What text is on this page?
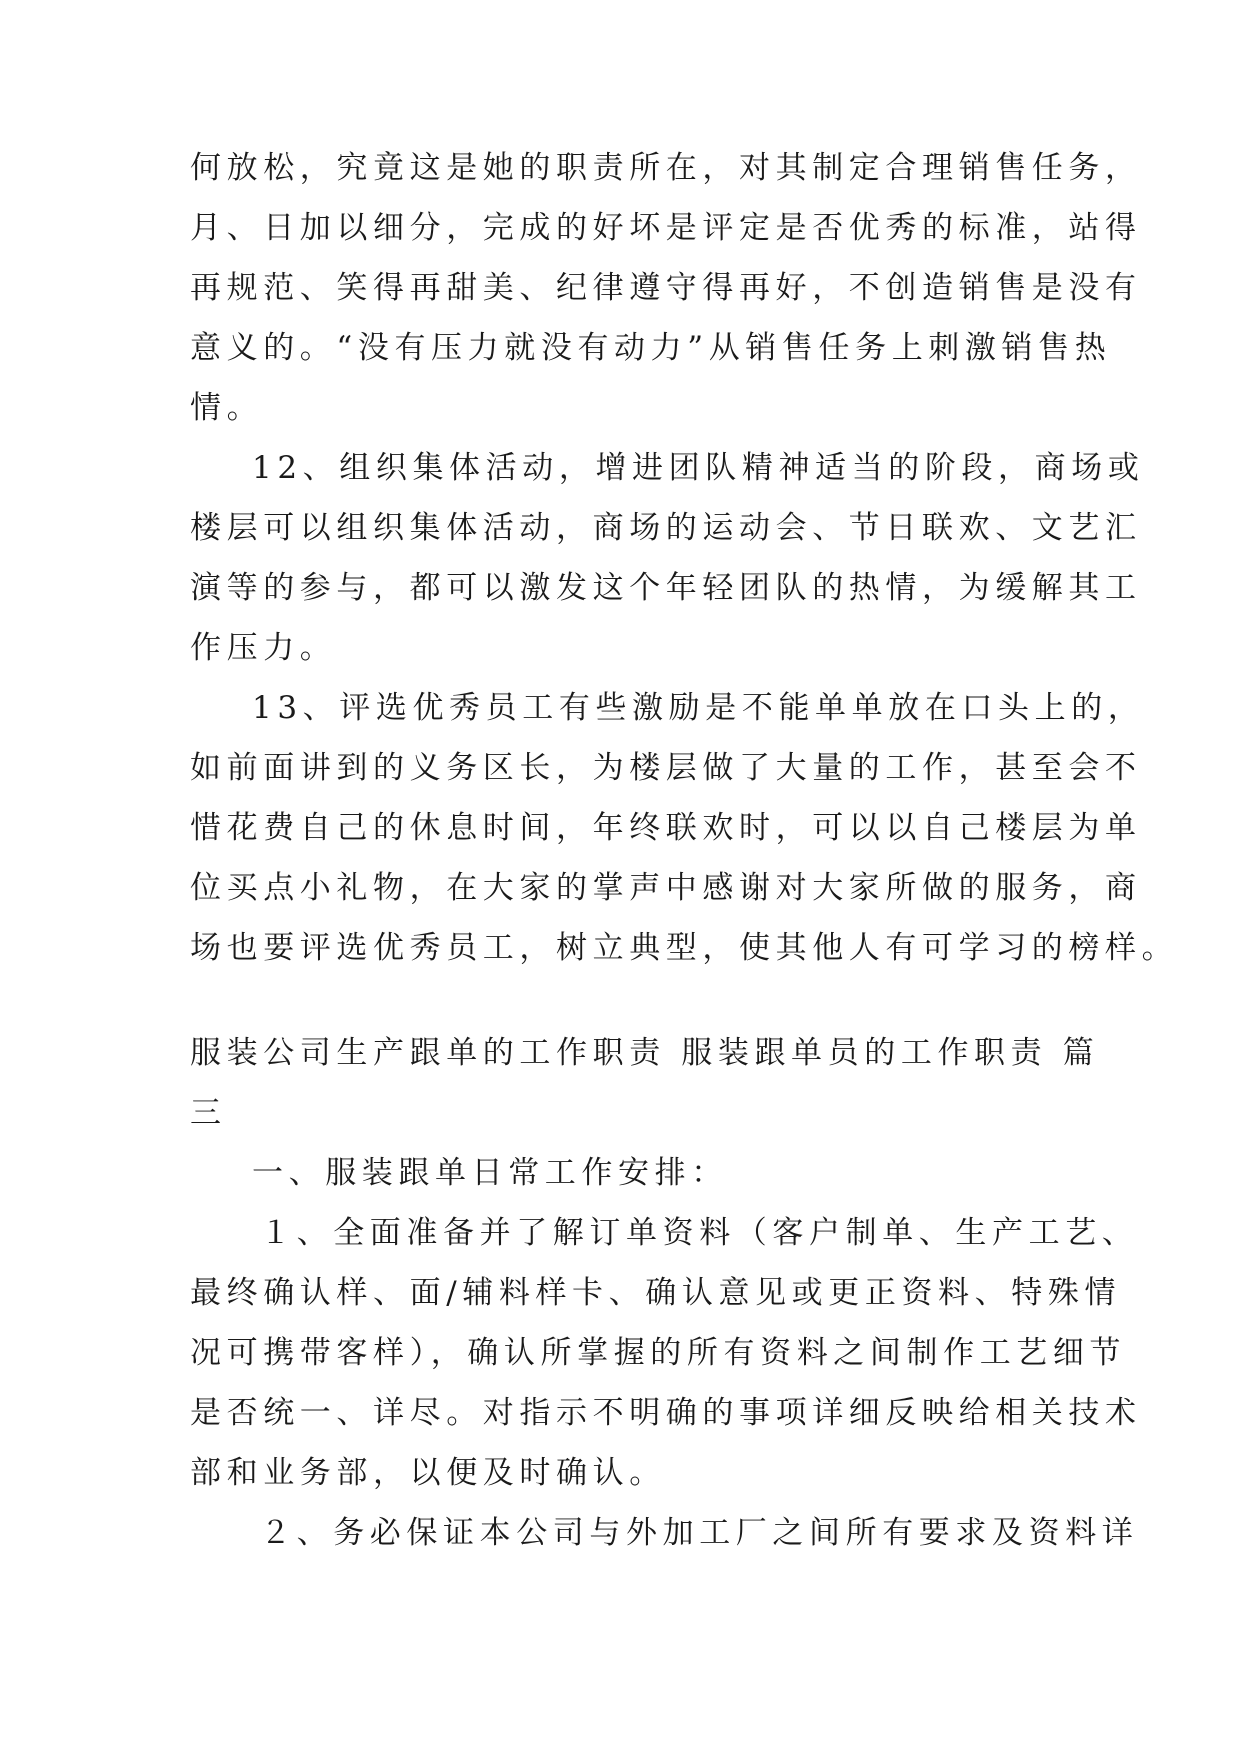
何放松，究竟这是她的职责所在，对其制定合理销售任务，
月、日加以细分，完成的好坏是评定是否优秀的标准，站得
再规范、笑得再甜美、纪律遵守得再好，不创造销售是没有
意义的。“没有压力就没有动力”从销售任务上刺激销售热
情。
12、组织集体活动，增进团队精神适当的阶段，商场或
楼层可以组织集体活动，商场的运动会、节日联欢、文艺汇
演等的参与，都可以激发这个年轻团队的热情，为缓解其工
作压力。
13、评选优秀员工有些激励是不能单单放在口头上的，
如前面讲到的义务区长，为楼层做了大量的工作，甚至会不
惜花费自己的休息时间，年终联欢时，可以以自己楼层为单
位买点小礼物，在大家的掌声中感谢对大家所做的服务，商
场也要评选优秀员工，树立典型，使其他人有可学习的榜样。
服装公司生产跟单的工作职责 服装跟单员的工作职责 篇
三
一、服装跟单日常工作安排：
１、全面准备并了解订单资料（客户制单、生产工艺、
最终确认样、面/辅料样卡、确认意见或更正资料、特殊情
况可携带客样），确认所掌握的所有资料之间制作工艺细节
是否统一、详尽。对指示不明确的事项详细反映给相关技术
部和业务部，以便及时确认。
２、务必保证本公司与外加工厂之间所有要求及资料详
